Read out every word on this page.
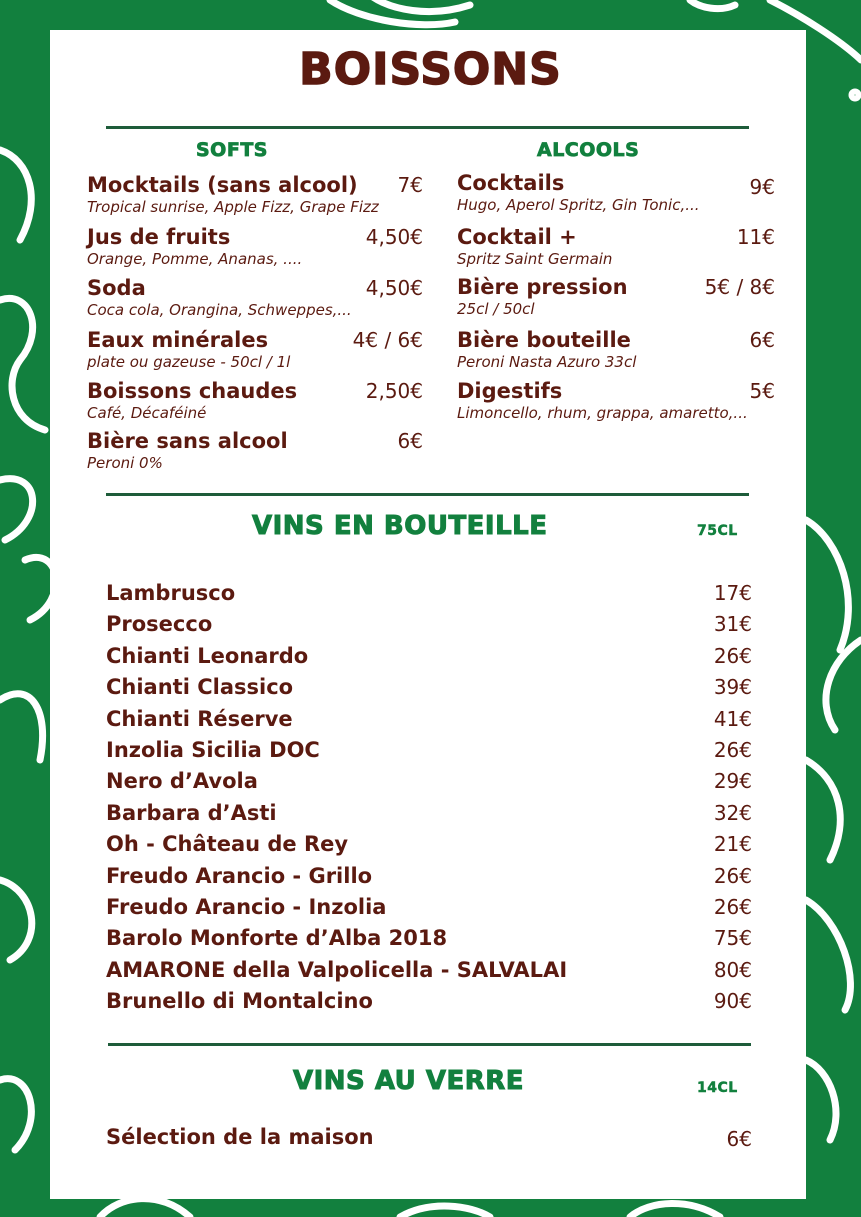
BOISSONS
SOFTS	ALCOOLS
Mocktails (sans alcool)	7€
Tropical sunrise, Apple Fizz, Grape Fizz
Jus de fruits	4,50€
Orange, Pomme, Ananas, ....
Soda	4,50€
Coca cola, Orangina, Schweppes,...
Eaux minérales	4€ / 6€
plate ou gazeuse - 50cl / 1l
Boissons chaudes	2,50€
Café, Décaféiné
Bière sans alcool	6€
Peroni 0%
Cocktails	9€
Hugo, Aperol Spritz, Gin Tonic,...
Cocktail +	11€
Spritz Saint Germain
Bière pression	5€ / 8€
25cl / 50cl
Bière bouteille	6€
Peroni Nasta Azuro 33cl
Digestifs	5€
Limoncello, rhum, grappa, amaretto,...
VINS EN BOUTEILLE	75CL
Lambrusco	17€
Prosecco	31€
Chianti Leonardo	26€
Chianti Classico	39€
Chianti Réserve	41€
Inzolia Sicilia DOC	26€
Nero d’Avola	29€
Barbara d’Asti	32€
Oh - Château de Rey	21€
Freudo Arancio - Grillo	26€
Freudo Arancio - Inzolia	26€
Barolo Monforte d’Alba 2018	75€
AMARONE della Valpolicella - SALVALAI	80€
Brunello di Montalcino	90€
VINS AU VERRE	14CL
Sélection de la maison	6€
